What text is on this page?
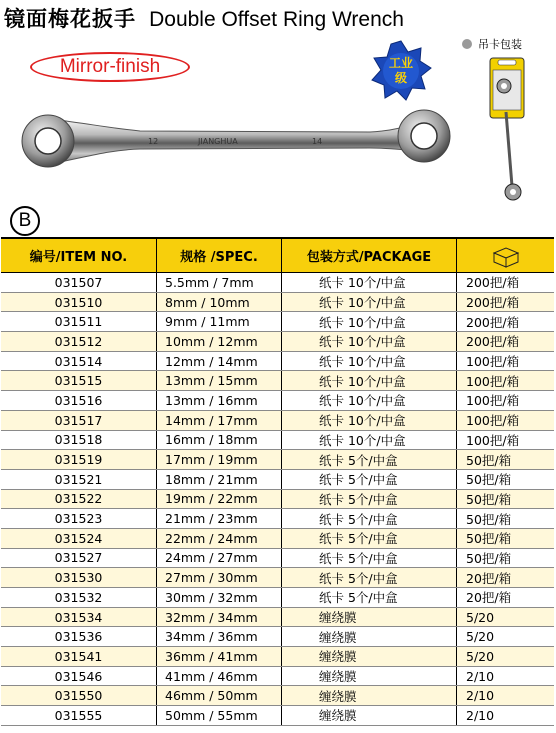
镜面梅花扳手 Double Offset Ring Wrench
吊卡包装
Mirror-finish	工业
级
12	JIANGHUA	14
B
编号/ITEM NO.	规格 /SPEC.	包装方式/PACKAGE
031507	5.5mm / 7mm	纸卡 10个/中盒	200把/箱
031510	8mm / 10mm	纸卡 10个/中盒	200把/箱
031511	9mm / 11mm	纸卡 10个/中盒	200把/箱
031512	10mm / 12mm	纸卡 10个/中盒	200把/箱
031514	12mm / 14mm	纸卡 10个/中盒	100把/箱
031515	13mm / 15mm	纸卡 10个/中盒	100把/箱
031516	13mm / 16mm	纸卡 10个/中盒	100把/箱
031517	14mm / 17mm	纸卡 10个/中盒	100把/箱
031518	16mm / 18mm	纸卡 10个/中盒	100把/箱
031519	17mm / 19mm	纸卡 5个/中盒	50把/箱
031521	18mm / 21mm	纸卡 5个/中盒	50把/箱
031522	19mm / 22mm	纸卡 5个/中盒	50把/箱
031523	21mm / 23mm	纸卡 5个/中盒	50把/箱
031524	22mm / 24mm	纸卡 5个/中盒	50把/箱
031527	24mm / 27mm	纸卡 5个/中盒	50把/箱
031530	27mm / 30mm	纸卡 5个/中盒	20把/箱
031532	30mm / 32mm	纸卡 5个/中盒	20把/箱
031534	32mm / 34mm	缠绕膜	5/20
031536	34mm / 36mm	缠绕膜	5/20
031541	36mm / 41mm	缠绕膜	5/20
031546	41mm / 46mm	缠绕膜	2/10
031550	46mm / 50mm	缠绕膜	2/10
031555	50mm / 55mm	缠绕膜	2/10
